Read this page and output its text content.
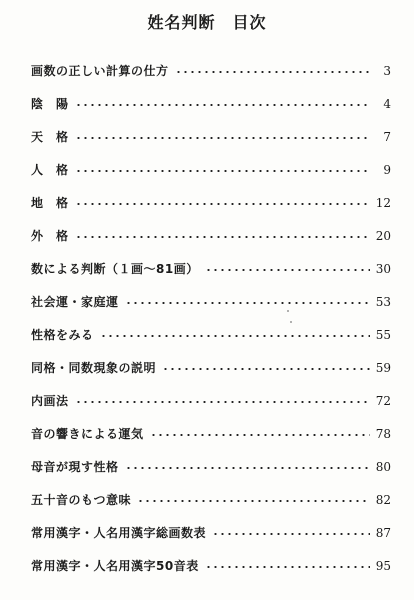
姓名判断　目次
画数の正しい計算の仕方	3
陰　陽	4
天　格	7
人　格	9
地　格	12
外　格	20
数による判断（１画〜81画）	30
社会運・家庭運	53
性格をみる	55
同格・同数現象の説明	59
内画法	72
音の響きによる運気	78
母音が現す性格	80
五十音のもつ意味	82
常用漢字・人名用漢字総画数表	87
常用漢字・人名用漢字50音表	95
